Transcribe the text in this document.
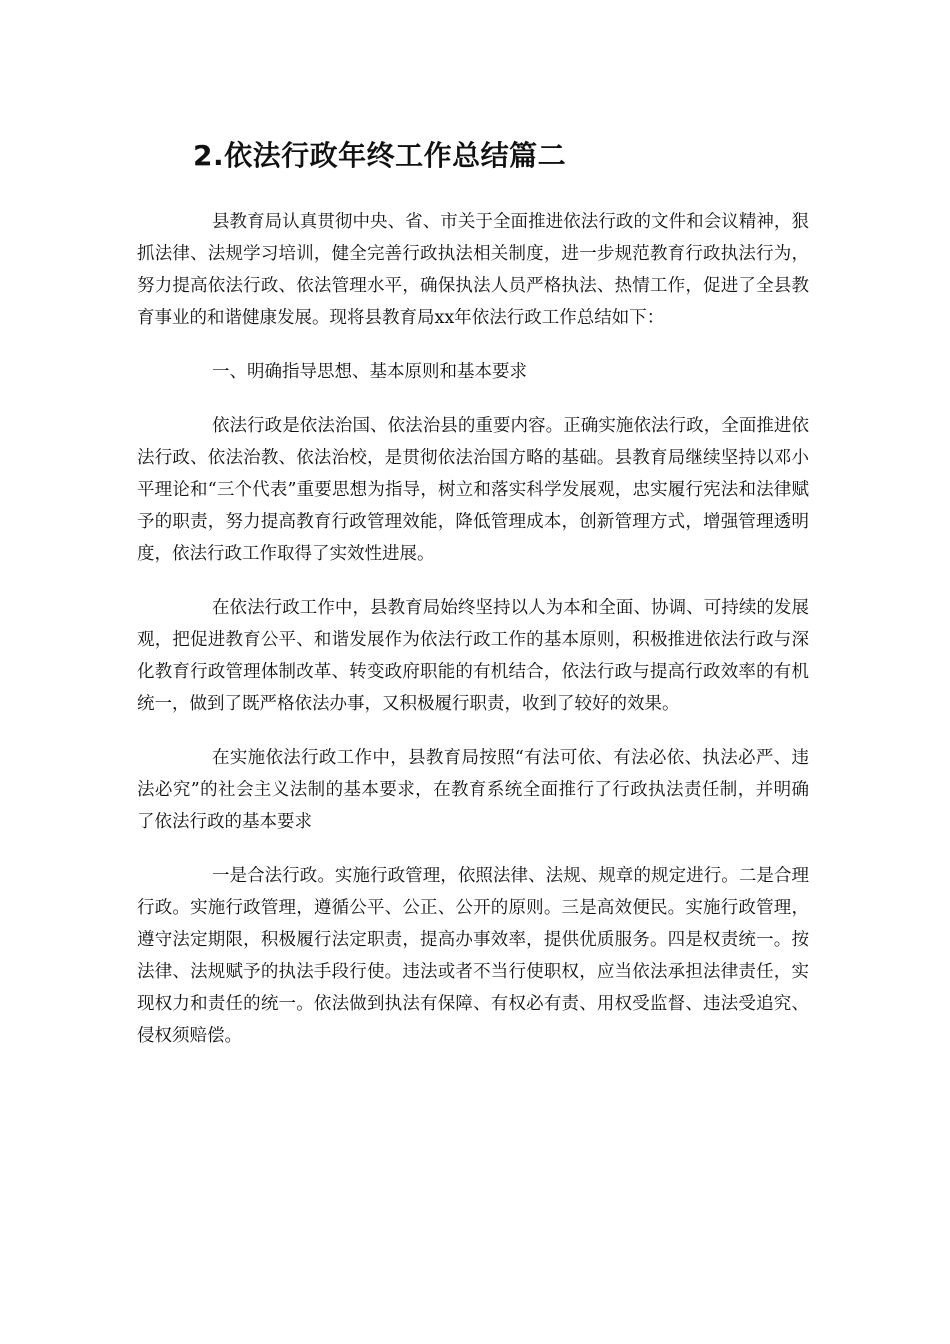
2.依法行政年终工作总结篇二

县教育局认真贯彻中央、省、市关于全面推进依法行政的文件和会议精神，狠抓法律、法规学习培训，健全完善行政执法相关制度，进一步规范教育行政执法行为，努力提高依法行政、依法管理水平，确保执法人员严格执法、热情工作，促进了全县教育事业的和谐健康发展。现将县教育局xx年依法行政工作总结如下：

一、明确指导思想、基本原则和基本要求

依法行政是依法治国、依法治县的重要内容。正确实施依法行政，全面推进依法行政、依法治教、依法治校，是贯彻依法治国方略的基础。县教育局继续坚持以邓小平理论和“三个代表”重要思想为指导，树立和落实科学发展观，忠实履行宪法和法律赋予的职责，努力提高教育行政管理效能，降低管理成本，创新管理方式，增强管理透明度，依法行政工作取得了实效性进展。

在依法行政工作中，县教育局始终坚持以人为本和全面、协调、可持续的发展观，把促进教育公平、和谐发展作为依法行政工作的基本原则，积极推进依法行政与深化教育行政管理体制改革、转变政府职能的有机结合，依法行政与提高行政效率的有机统一，做到了既严格依法办事，又积极履行职责，收到了较好的效果。

在实施依法行政工作中，县教育局按照“有法可依、有法必依、执法必严、违法必究”的社会主义法制的基本要求，在教育系统全面推行了行政执法责任制，并明确了依法行政的基本要求

一是合法行政。实施行政管理，依照法律、法规、规章的规定进行。二是合理行政。实施行政管理，遵循公平、公正、公开的原则。三是高效便民。实施行政管理，遵守法定期限，积极履行法定职责，提高办事效率，提供优质服务。四是权责统一。按法律、法规赋予的执法手段行使。违法或者不当行使职权，应当依法承担法律责任，实现权力和责任的统一。依法做到执法有保障、有权必有责、用权受监督、违法受追究、侵权须赔偿。
